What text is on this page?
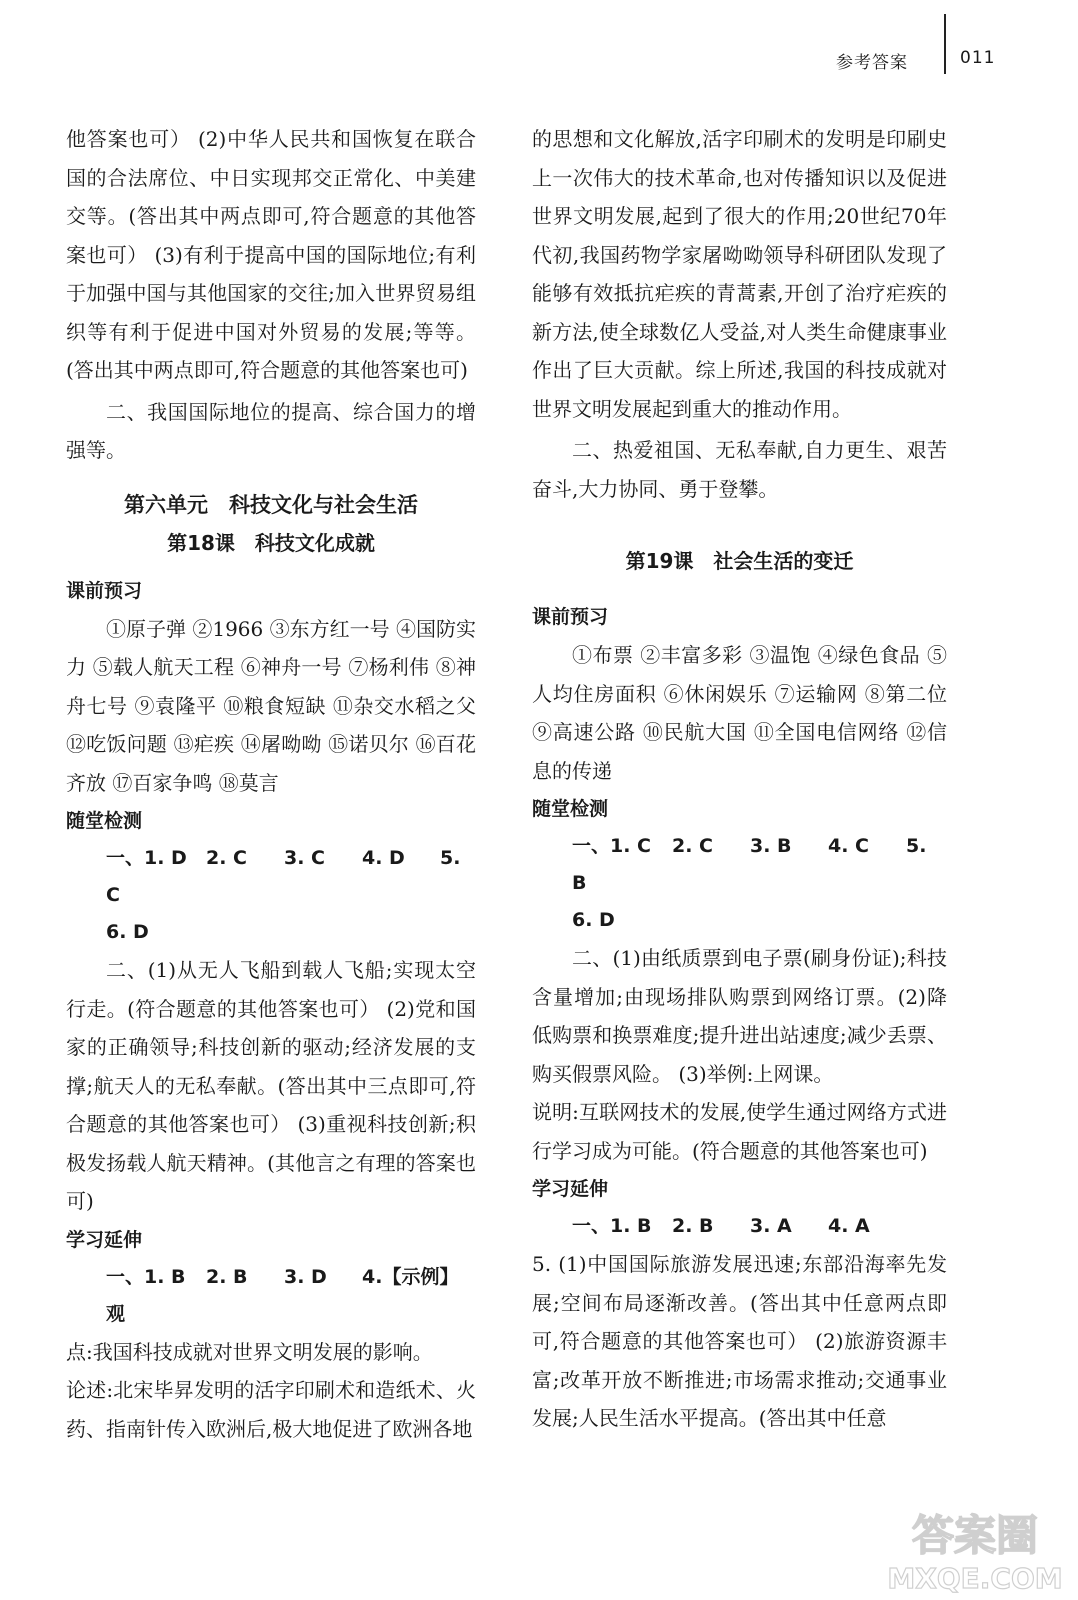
参考答案	011

他答案也可） (2)中华人民共和国恢复在联合国的合法席位、中日实现邦交正常化、中美建交等。(答出其中两点即可,符合题意的其他答案也可） (3)有利于提高中国的国际地位;有利于加强中国与其他国家的交往;加入世界贸易组织等有利于促进中国对外贸易的发展;等等。(答出其中两点即可,符合题意的其他答案也可)

二、我国国际地位的提高、综合国力的增强等。

第六单元　科技文化与社会生活

第18课　科技文化成就

课前预习

①原子弹 ②1966 ③东方红一号 ④国防实力 ⑤载人航天工程 ⑥神舟一号 ⑦杨利伟 ⑧神舟七号 ⑨袁隆平 ⑩粮食短缺 ⑪杂交水稻之父 ⑫吃饭问题 ⑬疟疾 ⑭屠呦呦 ⑮诺贝尔 ⑯百花齐放 ⑰百家争鸣 ⑱莫言

随堂检测

一、1. D 2. C 3. C 4. D 5. C

6. D

二、(1)从无人飞船到载人飞船;实现太空行走。(符合题意的其他答案也可） (2)党和国家的正确领导;科技创新的驱动;经济发展的支撑;航天人的无私奉献。(答出其中三点即可,符合题意的其他答案也可） (3)重视科技创新;积极发扬载人航天精神。(其他言之有理的答案也可)

学习延伸

一、1. B 2. B 3. D 4.【示例】观

点:我国科技成就对世界文明发展的影响。

论述:北宋毕昇发明的活字印刷术和造纸术、火药、指南针传入欧洲后,极大地促进了欧洲各地

的思想和文化解放,活字印刷术的发明是印刷史上一次伟大的技术革命,也对传播知识以及促进世界文明发展,起到了很大的作用;20世纪70年代初,我国药物学家屠呦呦领导科研团队发现了能够有效抵抗疟疾的青蒿素,开创了治疗疟疾的新方法,使全球数亿人受益,对人类生命健康事业作出了巨大贡献。综上所述,我国的科技成就对世界文明发展起到重大的推动作用。

二、热爱祖国、无私奉献,自力更生、艰苦奋斗,大力协同、勇于登攀。

第19课　社会生活的变迁

课前预习

①布票 ②丰富多彩 ③温饱 ④绿色食品 ⑤人均住房面积 ⑥休闲娱乐 ⑦运输网 ⑧第二位 ⑨高速公路 ⑩民航大国 ⑪全国电信网络 ⑫信息的传递

随堂检测

一、1. C 2. C 3. B 4. C 5. B

6. D

二、(1)由纸质票到电子票(刷身份证);科技含量增加;由现场排队购票到网络订票。(2)降低购票和换票难度;提升进出站速度;减少丢票、购买假票风险。 (3)举例:上网课。

说明:互联网技术的发展,使学生通过网络方式进行学习成为可能。(符合题意的其他答案也可)

学习延伸

一、1. B 2. B 3. A 4. A

5. (1)中国国际旅游发展迅速;东部沿海率先发展;空间布局逐渐改善。(答出其中任意两点即可,符合题意的其他答案也可） (2)旅游资源丰富;改革开放不断推进;市场需求推动;交通事业发展;人民生活水平提高。(答出其中任意

答案圈
MXQE.COM
